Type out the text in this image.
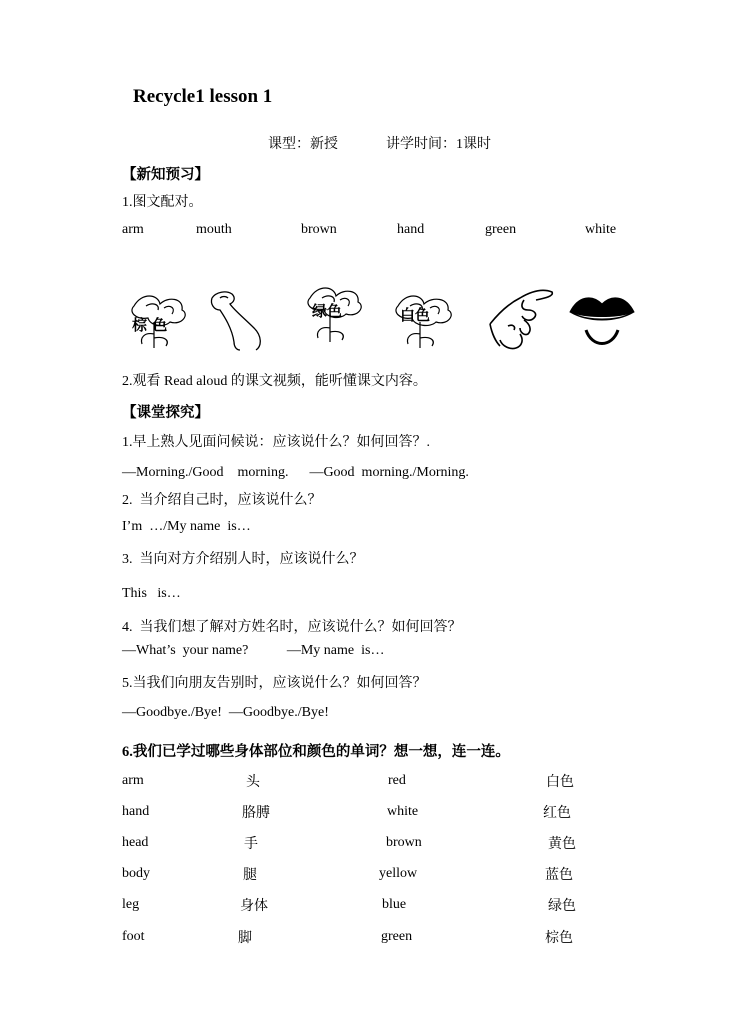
Recycle1 lesson 1
课型：新授	讲学时间：1课时
【新知预习】
1.图文配对。
arm	mouth	brown	hand	green	white
棕 色
绿色	白色
2.观看 Read aloud 的课文视频，能听懂课文内容。
【课堂探究】
1.早上熟人见面问候说：应该说什么？如何回答？.
—Morning./Good    morning.      —Good  morning./Morning.
2.  当介绍自己时，应该说什么？
I’m  …/My name  is…
3.  当向对方介绍别人时，应该说什么？
This   is…
4.  当我们想了解对方姓名时，应该说什么？如何回答？
—What’s  your name?           —My name  is…
5.当我们向朋友告别时，应该说什么？如何回答？
—Goodbye./Bye!  —Goodbye./Bye!
6.我们已学过哪些身体部位和颜色的单词？想一想，连一连。
arm	头	red	白色
hand	胳膊	white	红色
head	手	brown	黄色
body	腿	yellow	蓝色
leg	身体	blue	绿色
foot	脚	green	棕色
